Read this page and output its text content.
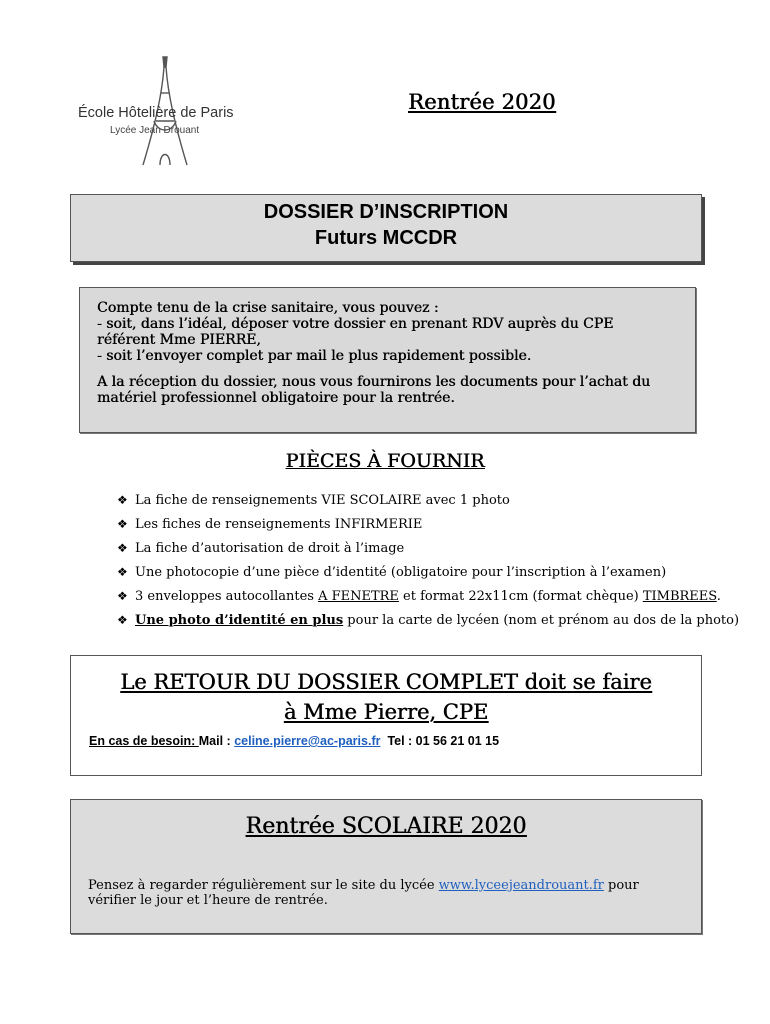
École Hôtelière de Paris
Lycée Jean Drouant
Rentrée 2020
DOSSIER D’INSCRIPTION
Futurs MCCDR
Compte tenu de la crise sanitaire, vous pouvez :
- soit, dans l’idéal, déposer votre dossier en prenant RDV auprès du CPE
référent Mme PIERRE,
- soit l’envoyer complet par mail le plus rapidement possible.
A la réception du dossier, nous vous fournirons les documents pour l’achat du
matériel professionnel obligatoire pour la rentrée.
PIÈCES À FOURNIR
❖ La fiche de renseignements VIE SCOLAIRE avec 1 photo
❖ Les fiches de renseignements INFIRMERIE
❖ La fiche d’autorisation de droit à l’image
❖ Une photocopie d’une pièce d’identité (obligatoire pour l’inscription à l’examen)
❖ 3 enveloppes autocollantes A FENETRE et format 22x11cm (format chèque) TIMBREES.
❖ Une photo d’identité en plus pour la carte de lycéen (nom et prénom au dos de la photo)
Le RETOUR DU DOSSIER COMPLET doit se faire
à Mme Pierre, CPE
En cas de besoin: Mail : celine.pierre@ac-paris.fr Tel : 01 56 21 01 15
Rentrée SCOLAIRE 2020
Pensez à regarder régulièrement sur le site du lycée www.lyceejeandrouant.fr pour vérifier le jour et l’heure de rentrée.
